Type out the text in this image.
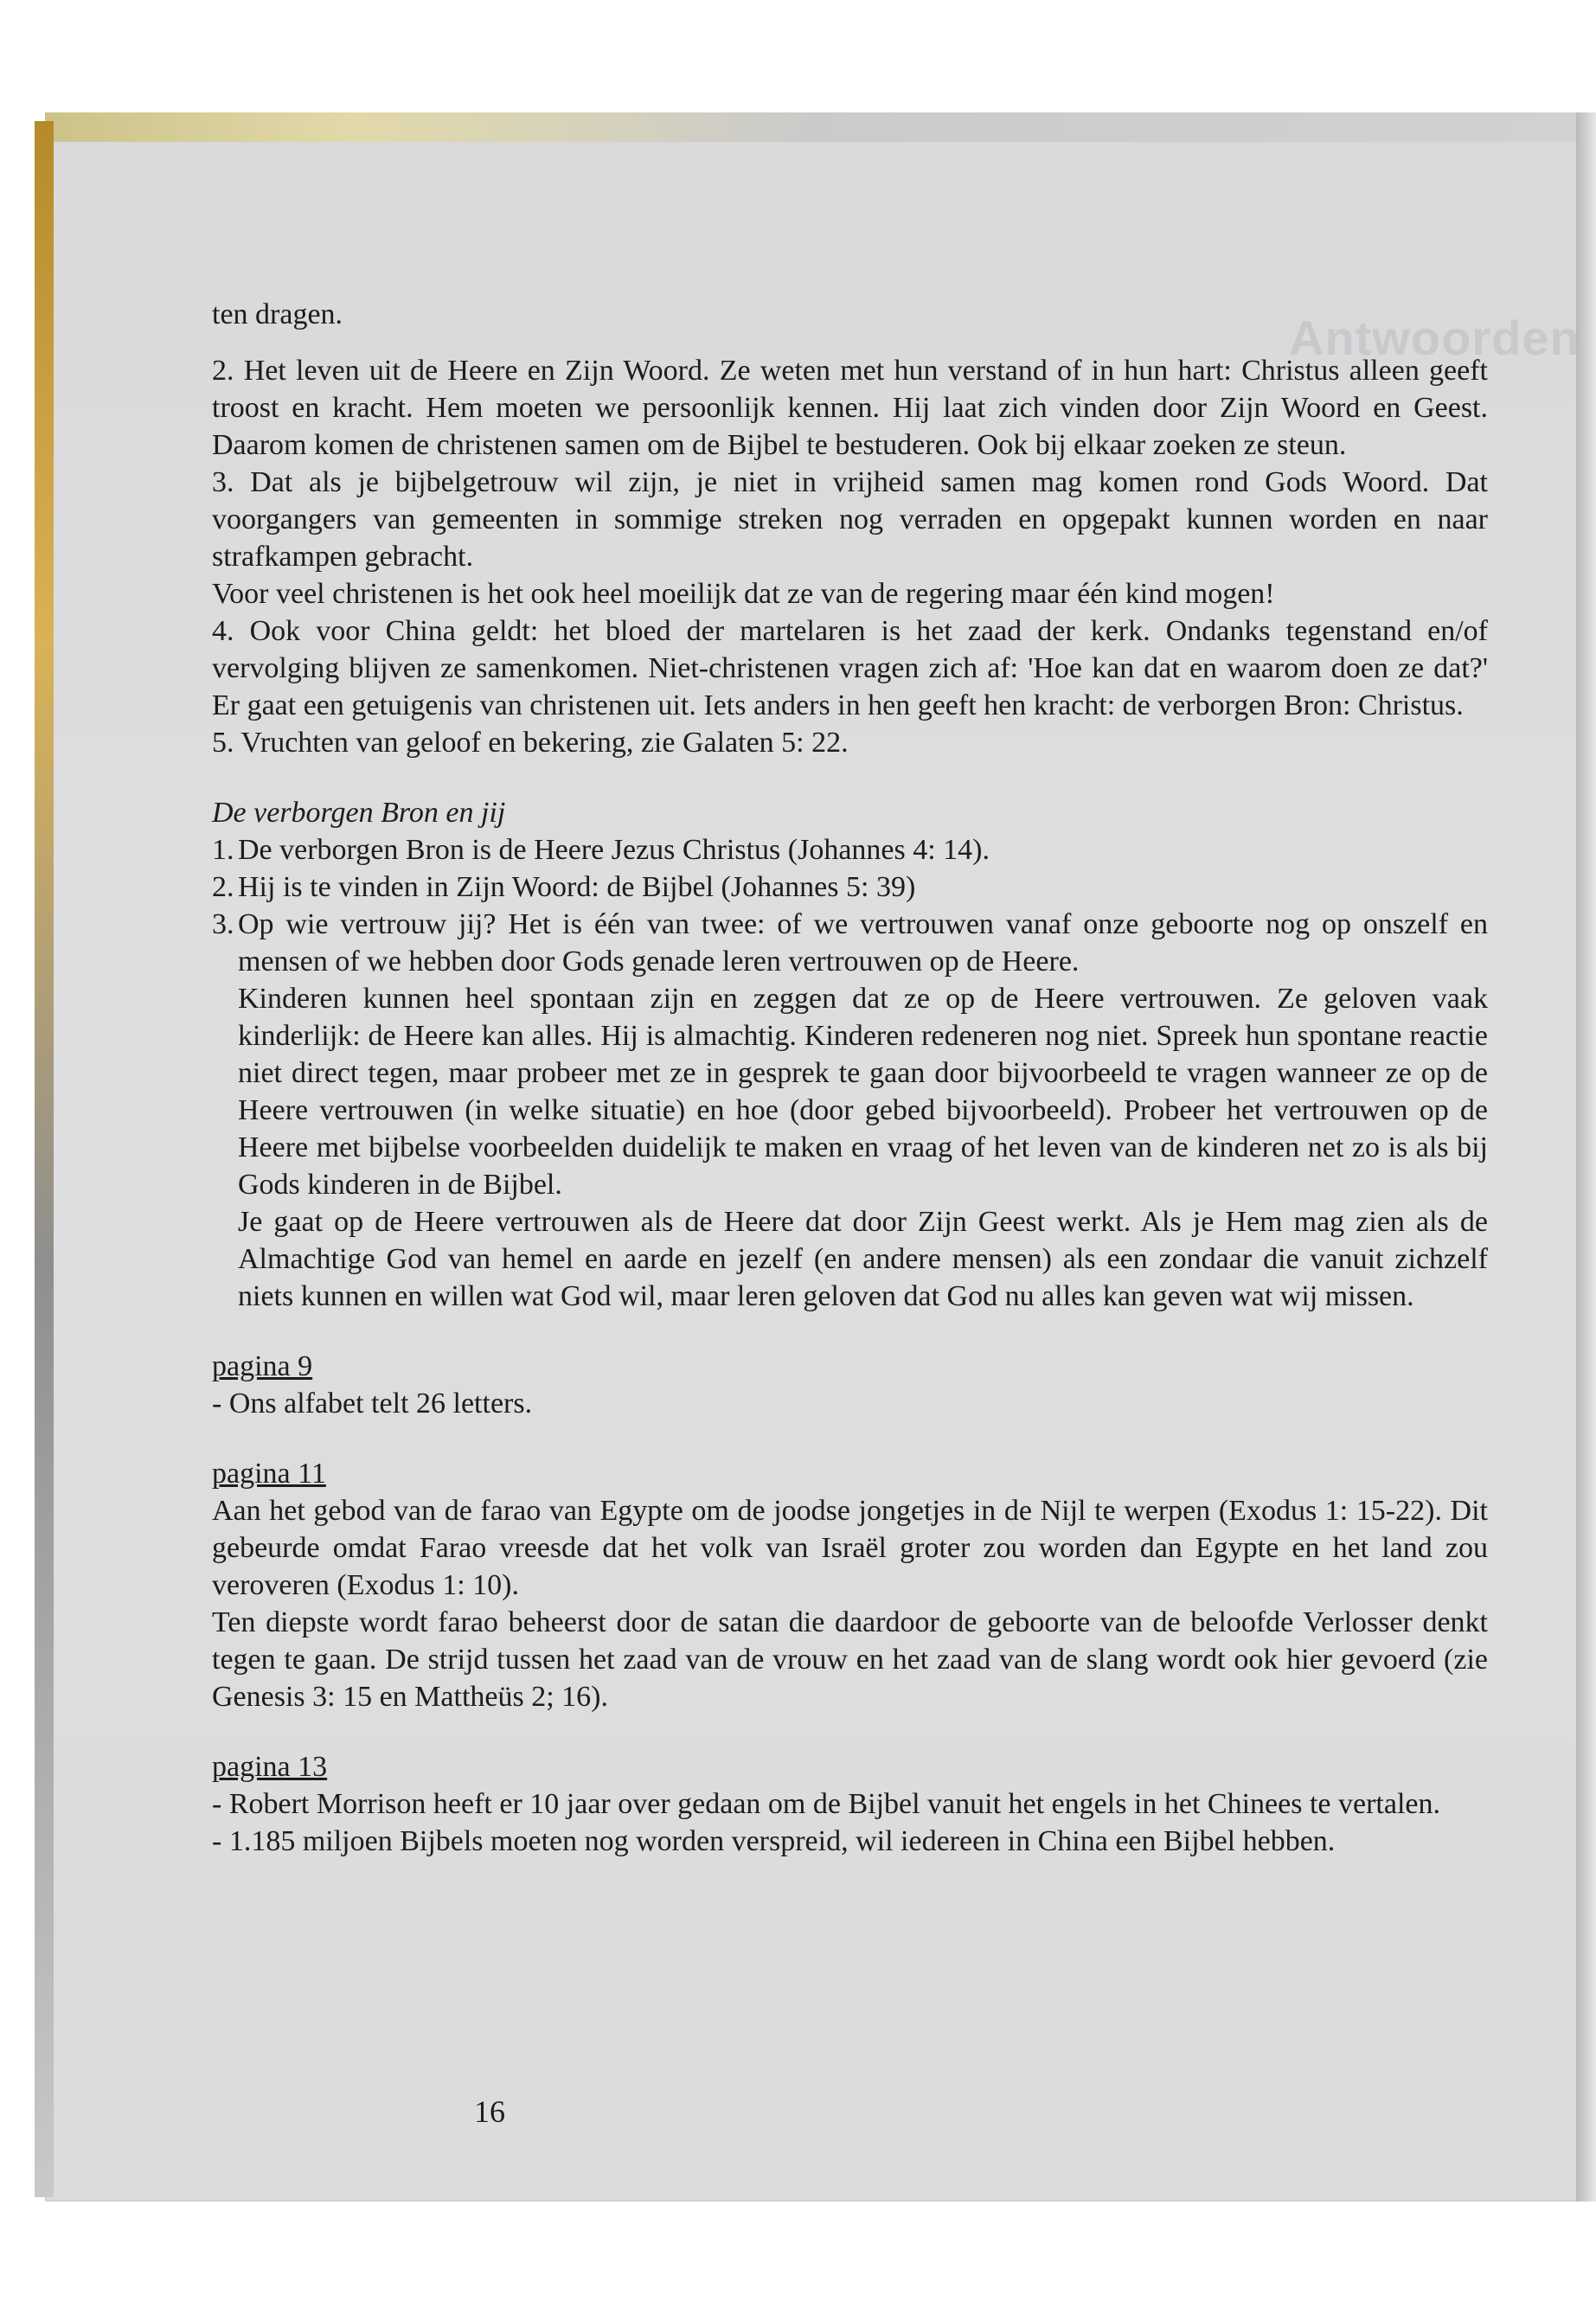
Antwoorden

ten dragen.

2. Het leven uit de Heere en Zijn Woord. Ze weten met hun verstand of in hun hart: Christus alleen geeft troost en kracht. Hem moeten we persoonlijk kennen. Hij laat zich vinden door Zijn Woord en Geest. Daarom komen de christenen samen om de Bijbel te bestuderen. Ook bij elkaar zoeken ze steun.

3. Dat als je bijbelgetrouw wil zijn, je niet in vrijheid samen mag komen rond Gods Woord. Dat voorgangers van gemeenten in sommige streken nog verraden en opgepakt kunnen worden en naar strafkampen gebracht.

Voor veel christenen is het ook heel moeilijk dat ze van de regering maar één kind mogen!

4. Ook voor China geldt: het bloed der martelaren is het zaad der kerk. Ondanks tegenstand en/of vervolging blijven ze samenkomen. Niet-christenen vragen zich af: 'Hoe kan dat en waarom doen ze dat?' Er gaat een getuigenis van christenen uit. Iets anders in hen geeft hen kracht: de verborgen Bron: Christus.

5. Vruchten van geloof en bekering, zie Galaten 5: 22.

De verborgen Bron en jij

1. De verborgen Bron is de Heere Jezus Christus (Johannes 4: 14).
2. Hij is te vinden in Zijn Woord: de Bijbel (Johannes 5: 39)
3. Op wie vertrouw jij? Het is één van twee: of we vertrouwen vanaf onze geboorte nog op onszelf en mensen of we hebben door Gods genade leren vertrouwen op de Heere.
Kinderen kunnen heel spontaan zijn en zeggen dat ze op de Heere vertrouwen. Ze geloven vaak kinderlijk: de Heere kan alles. Hij is almachtig. Kinderen redeneren nog niet. Spreek hun spontane reactie niet direct tegen, maar probeer met ze in gesprek te gaan door bijvoorbeeld te vragen wanneer ze op de Heere vertrouwen (in welke situatie) en hoe (door gebed bijvoorbeeld). Probeer het vertrouwen op de Heere met bijbelse voorbeelden duidelijk te maken en vraag of het leven van de kinderen net zo is als bij Gods kinderen in de Bijbel.
Je gaat op de Heere vertrouwen als de Heere dat door Zijn Geest werkt. Als je Hem mag zien als de Almachtige God van hemel en aarde en jezelf (en andere mensen) als een zondaar die vanuit zichzelf niets kunnen en willen wat God wil, maar leren geloven dat God nu alles kan geven wat wij missen.

pagina 9

- Ons alfabet telt 26 letters.

pagina 11

Aan het gebod van de farao van Egypte om de joodse jongetjes in de Nijl te werpen (Exodus 1: 15-22). Dit gebeurde omdat Farao vreesde dat het volk van Israël groter zou worden dan Egypte en het land zou veroveren (Exodus 1: 10).

Ten diepste wordt farao beheerst door de satan die daardoor de geboorte van de beloofde Verlosser denkt tegen te gaan. De strijd tussen het zaad van de vrouw en het zaad van de slang wordt ook hier gevoerd (zie Genesis 3: 15 en Mattheüs 2; 16).

pagina 13

- Robert Morrison heeft er 10 jaar over gedaan om de Bijbel vanuit het engels in het Chinees te vertalen.

- 1.185 miljoen Bijbels moeten nog worden verspreid, wil iedereen in China een Bijbel hebben.

16
